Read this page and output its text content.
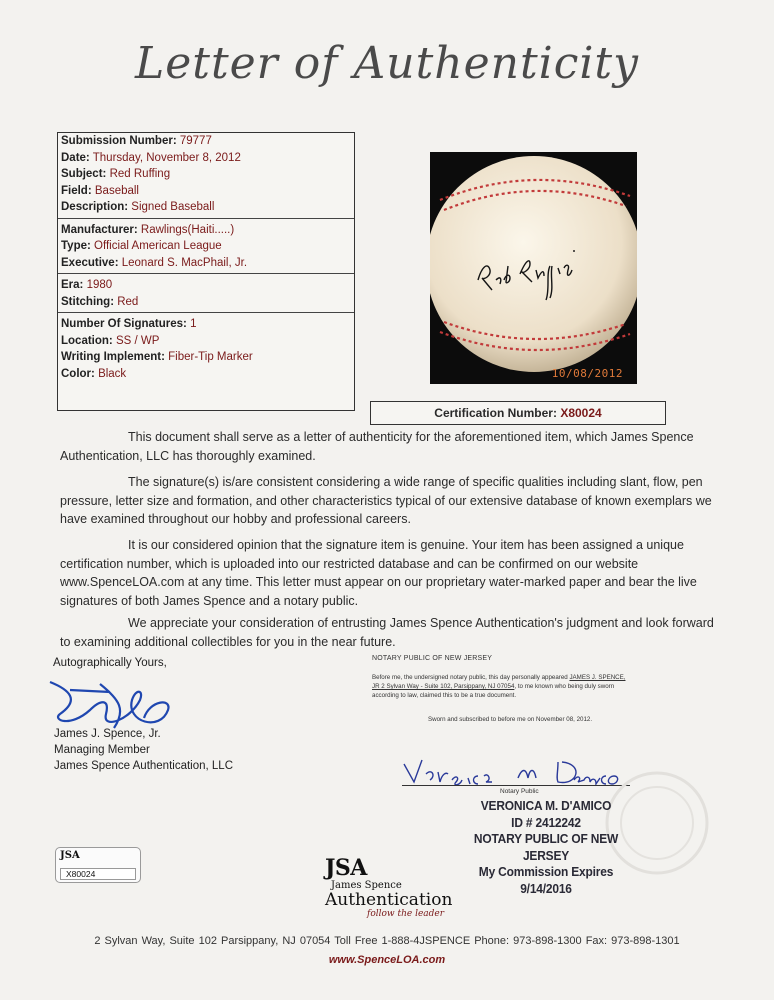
Letter of Authenticity
Submission Number: 79777
Date: Thursday, November 8, 2012
Subject: Red Ruffing
Field: Baseball
Description: Signed Baseball
Manufacturer: Rawlings(Haiti.....)
Type: Official American League
Executive: Leonard S. MacPhail, Jr.
Era: 1980
Stitching: Red
Number Of Signatures: 1
Location: SS / WP
Writing Implement: Fiber-Tip Marker
Color: Black	10/08/2012
Certification Number: X80024
This document shall serve as a letter of authenticity for the aforementioned item, which James Spence Authentication, LLC has thoroughly examined.
The signature(s) is/are consistent considering a wide range of specific qualities including slant, flow, pen pressure, letter size and formation, and other characteristics typical of our extensive database of known exemplars we have examined throughout our hobby and professional careers.
It is our considered opinion that the signature item is genuine. Your item has been assigned a unique certification number, which is uploaded into our restricted database and can be confirmed on our website www.SpenceLOA.com at any time. This letter must appear on our proprietary water-marked paper and bear the live signatures of both James Spence and a notary public.
We appreciate your consideration of entrusting James Spence Authentication's judgment and look forward to examining additional collectibles for you in the near future.
Autographically Yours,
James J. Spence, Jr.
Managing Member
James Spence Authentication, LLC
NOTARY PUBLIC OF NEW JERSEY
Before me, the undersigned notary public, this day personally appeared JAMES J. SPENCE, JR 2 Sylvan Way - Suite 102, Parsippany, NJ 07054, to me known who being duly sworn according to law, claimed this to be a true document.
Sworn and subscribed to before me on November 08, 2012.
Notary Public
VERONICA M. D'AMICO
ID # 2412242
NOTARY PUBLIC OF NEW JERSEY
My Commission Expires 9/14/2016
JSA
X80024	JSA
James Spence
Authentication
follow the leader
2 Sylvan Way, Suite 102 Parsippany, NJ 07054 Toll Free 1-888-4JSPENCE Phone: 973-898-1300 Fax: 973-898-1301
www.SpenceLOA.com
